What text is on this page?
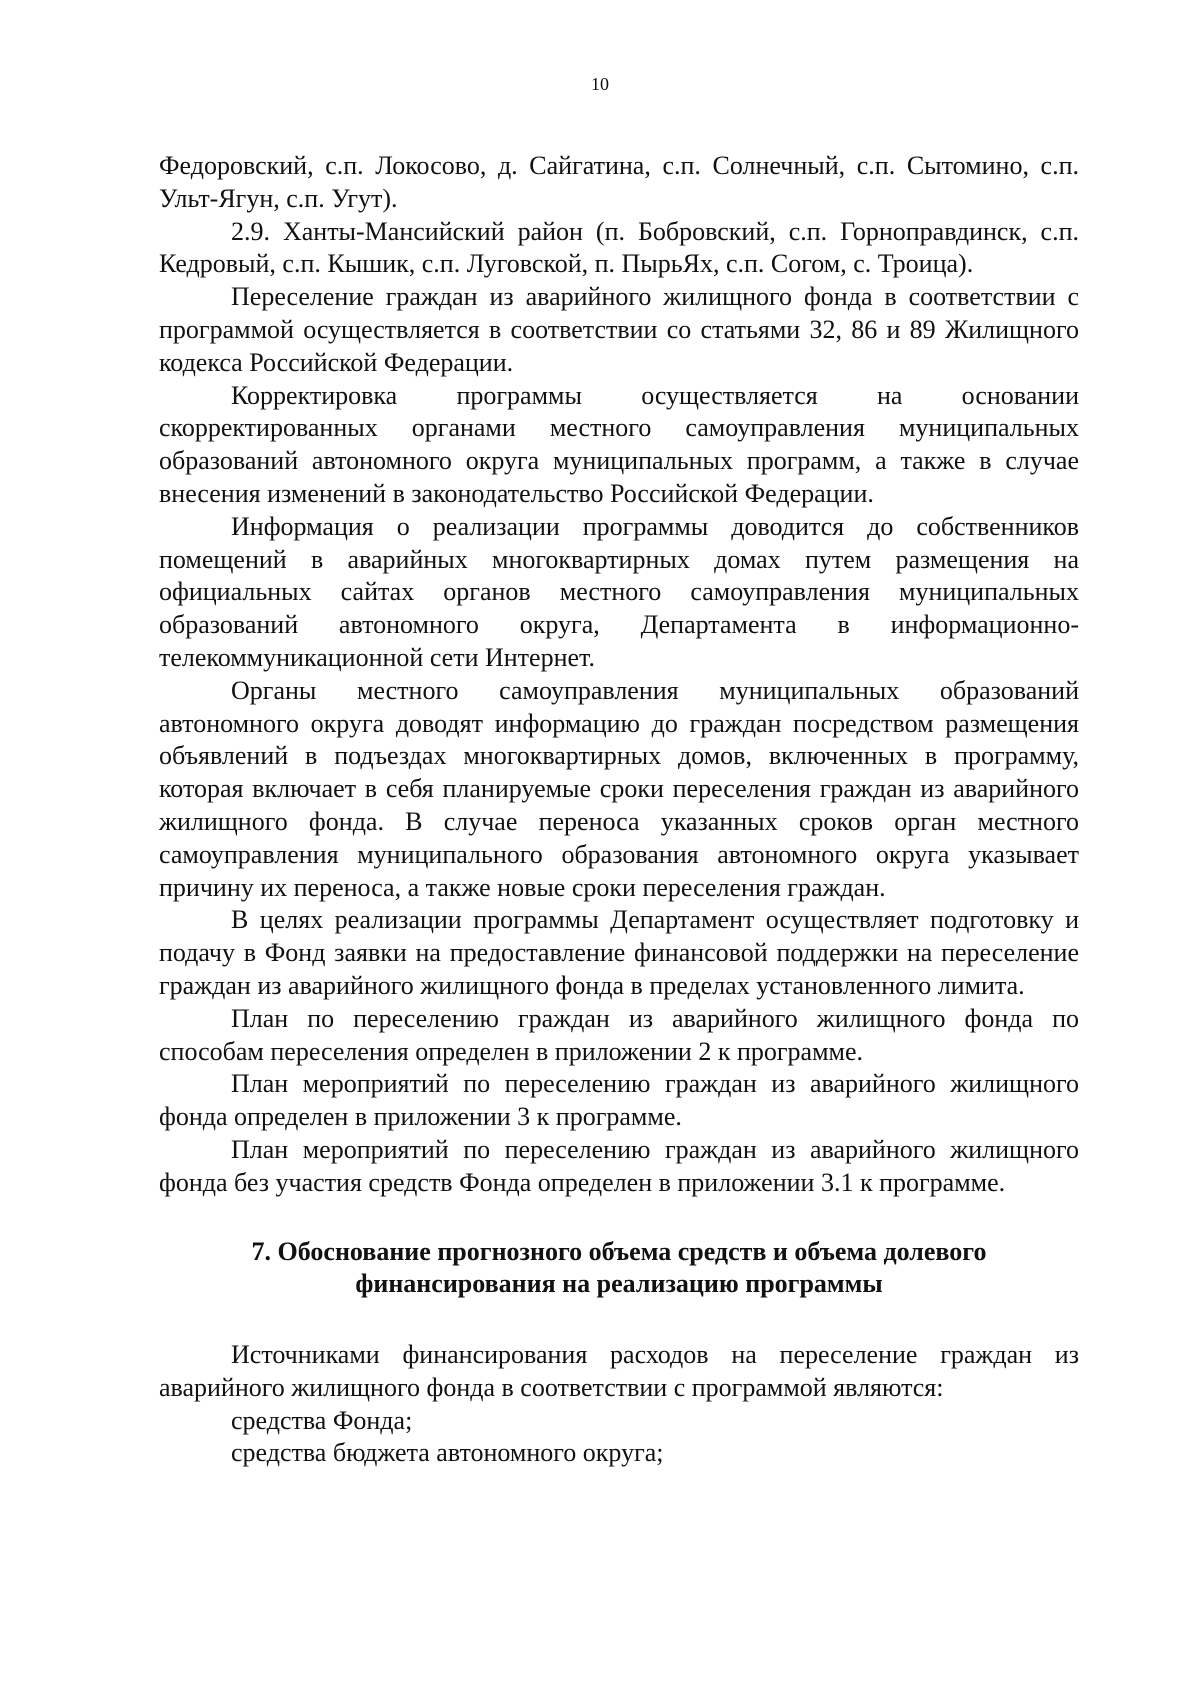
10

Федоровский, с.п. Локосово, д. Сайгатина, с.п. Солнечный, с.п. Сытомино, с.п. Ульт-Ягун, с.п. Угут).

2.9. Ханты-Мансийский район (п. Бобровский, с.п. Горноправдинск, с.п. Кедровый, с.п. Кышик, с.п. Луговской, п. ПырьЯх, с.п. Согом, с. Троица).

Переселение граждан из аварийного жилищного фонда в соответствии с программой осуществляется в соответствии со статьями 32, 86 и 89 Жилищного кодекса Российской Федерации.

Корректировка программы осуществляется на основании скорректированных органами местного самоуправления муниципальных образований автономного округа муниципальных программ, а также в случае внесения изменений в законодательство Российской Федерации.

Информация о реализации программы доводится до собственников помещений в аварийных многоквартирных домах путем размещения на официальных сайтах органов местного самоуправления муниципальных образований автономного округа, Департамента в информационно-телекоммуникационной сети Интернет.

Органы местного самоуправления муниципальных образований автономного округа доводят информацию до граждан посредством размещения объявлений в подъездах многоквартирных домов, включенных в программу, которая включает в себя планируемые сроки переселения граждан из аварийного жилищного фонда. В случае переноса указанных сроков орган местного самоуправления муниципального образования автономного округа указывает причину их переноса, а также новые сроки переселения граждан.

В целях реализации программы Департамент осуществляет подготовку и подачу в Фонд заявки на предоставление финансовой поддержки на переселение граждан из аварийного жилищного фонда в пределах установленного лимита.

План по переселению граждан из аварийного жилищного фонда по способам переселения определен в приложении 2 к программе.

План мероприятий по переселению граждан из аварийного жилищного фонда определен в приложении 3 к программе.

План мероприятий по переселению граждан из аварийного жилищного фонда без участия средств Фонда определен в приложении 3.1 к программе.

7. Обоснование прогнозного объема средств и объема долевого
финансирования на реализацию программы

Источниками финансирования расходов на переселение граждан из аварийного жилищного фонда в соответствии с программой являются:

средства Фонда;

средства бюджета автономного округа;
